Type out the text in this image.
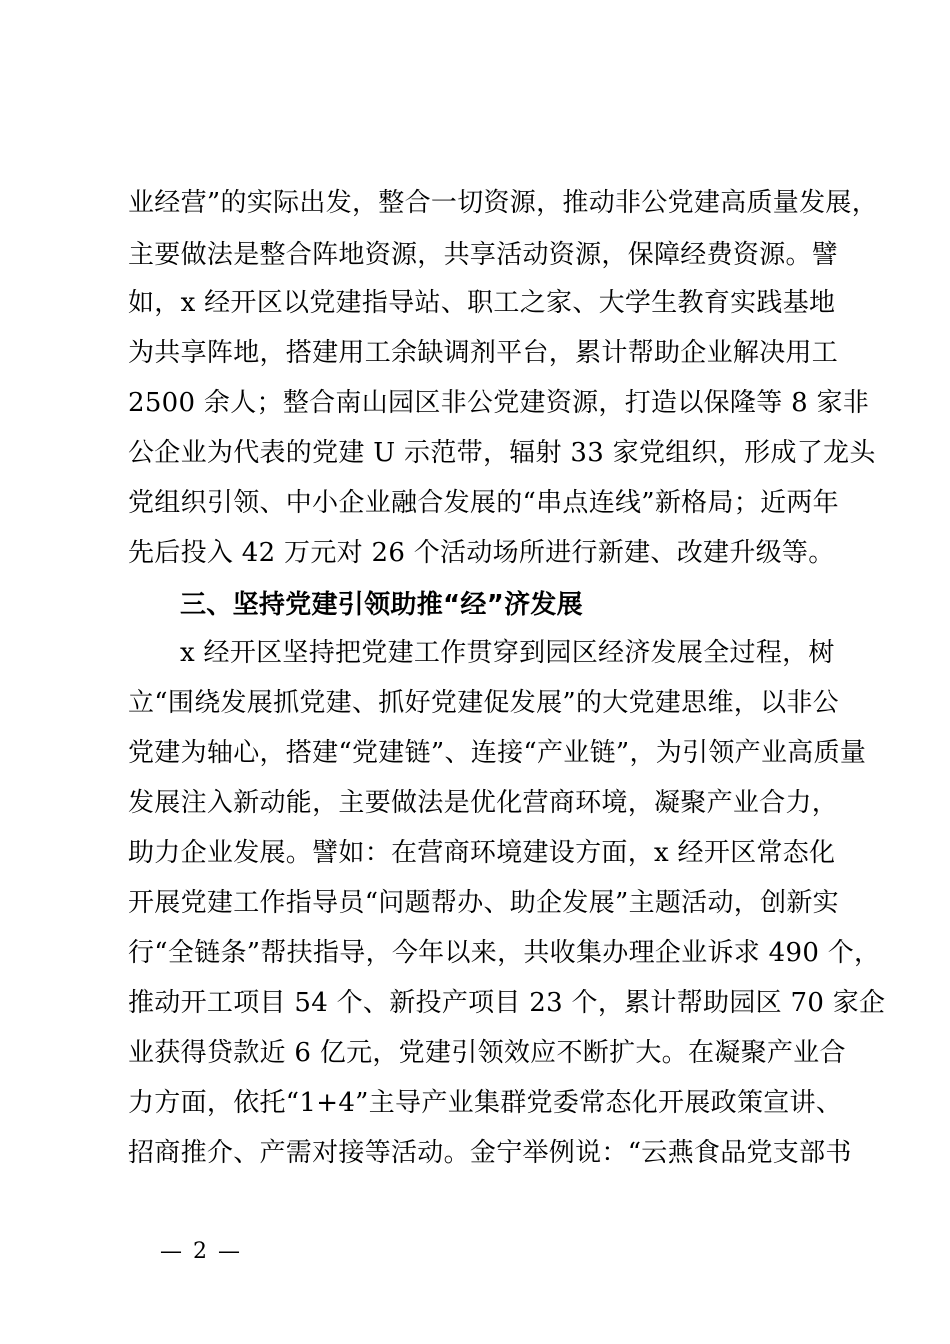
业经营”的实际出发，整合一切资源，推动非公党建高质量发展，
主要做法是整合阵地资源，共享活动资源，保障经费资源。譬
如，x 经开区以党建指导站、职工之家、大学生教育实践基地
为共享阵地，搭建用工余缺调剂平台，累计帮助企业解决用工
2500 余人；整合南山园区非公党建资源，打造以保隆等 8 家非
公企业为代表的党建 U 示范带，辐射 33 家党组织，形成了龙头
党组织引领、中小企业融合发展的“串点连线”新格局；近两年
先后投入 42 万元对 26 个活动场所进行新建、改建升级等。
三、坚持党建引领助推“经”济发展
x 经开区坚持把党建工作贯穿到园区经济发展全过程，树
立“围绕发展抓党建、抓好党建促发展”的大党建思维，以非公
党建为轴心，搭建“党建链”、连接“产业链”，为引领产业高质量
发展注入新动能，主要做法是优化营商环境，凝聚产业合力，
助力企业发展。譬如：在营商环境建设方面，x 经开区常态化
开展党建工作指导员“问题帮办、助企发展”主题活动，创新实
行“全链条”帮扶指导，今年以来，共收集办理企业诉求 490 个，
推动开工项目 54 个、新投产项目 23 个，累计帮助园区 70 家企
业获得贷款近 6 亿元，党建引领效应不断扩大。在凝聚产业合
力方面，依托“1+4”主导产业集群党委常态化开展政策宣讲、
招商推介、产需对接等活动。金宁举例说：“云燕食品党支部书
— 2 —
